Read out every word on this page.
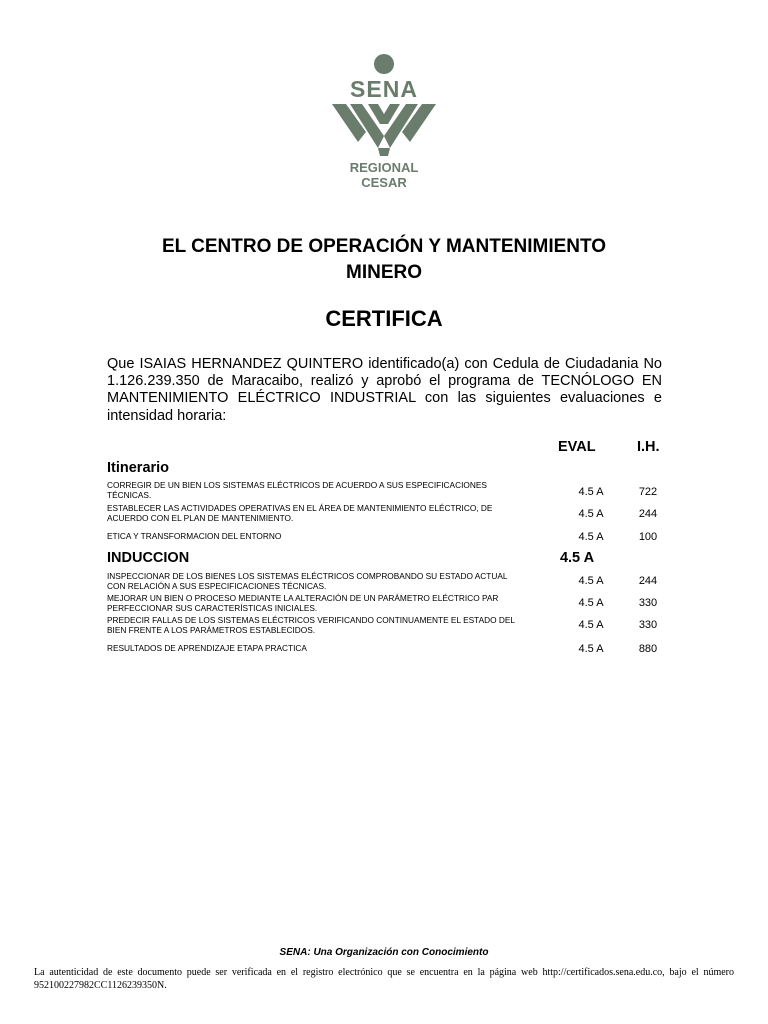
SENA
REGIONAL CESAR
EL CENTRO DE OPERACIÓN Y MANTENIMIENTO
MINERO
CERTIFICA
Que ISAIAS HERNANDEZ QUINTERO identificado(a) con Cedula de Ciudadania No 1.126.239.350 de Maracaibo, realizó y aprobó el programa de TECNÓLOGO EN MANTENIMIENTO ELÉCTRICO INDUSTRIAL con las siguientes evaluaciones e intensidad horaria:
EVAL	I.H.
Itinerario
CORREGIR DE UN BIEN LOS SISTEMAS ELÉCTRICOS DE ACUERDO A SUS ESPECIFICACIONES TÉCNICAS.	4.5 A	722
ESTABLECER LAS ACTIVIDADES OPERATIVAS EN EL ÁREA DE MANTENIMIENTO ELÉCTRICO, DE ACUERDO CON EL PLAN DE MANTENIMIENTO.	4.5 A	244
ETICA Y TRANSFORMACION DEL ENTORNO	4.5 A	100
INDUCCION	4.5 A
INSPECCIONAR DE LOS BIENES LOS SISTEMAS ELÉCTRICOS COMPROBANDO SU ESTADO ACTUAL CON RELACIÓN A SUS ESPECIFICACIONES TÉCNICAS.	4.5 A	244
MEJORAR UN BIEN O PROCESO MEDIANTE LA ALTERACIÓN DE UN PARÁMETRO ELÉCTRICO PAR PERFECCIONAR SUS CARACTERÍSTICAS INICIALES.	4.5 A	330
PREDECIR FALLAS DE LOS SISTEMAS ELÉCTRICOS VERIFICANDO CONTINUAMENTE EL ESTADO DEL BIEN FRENTE A LOS PARÁMETROS ESTABLECIDOS.	4.5 A	330
RESULTADOS DE APRENDIZAJE ETAPA PRACTICA	4.5 A	880
SENA: Una Organización con Conocimiento
La autenticidad de este documento puede ser verificada en el registro electrónico que se encuentra en la página web http://certificados.sena.edu.co, bajo el número 952100227982CC1126239350N.
